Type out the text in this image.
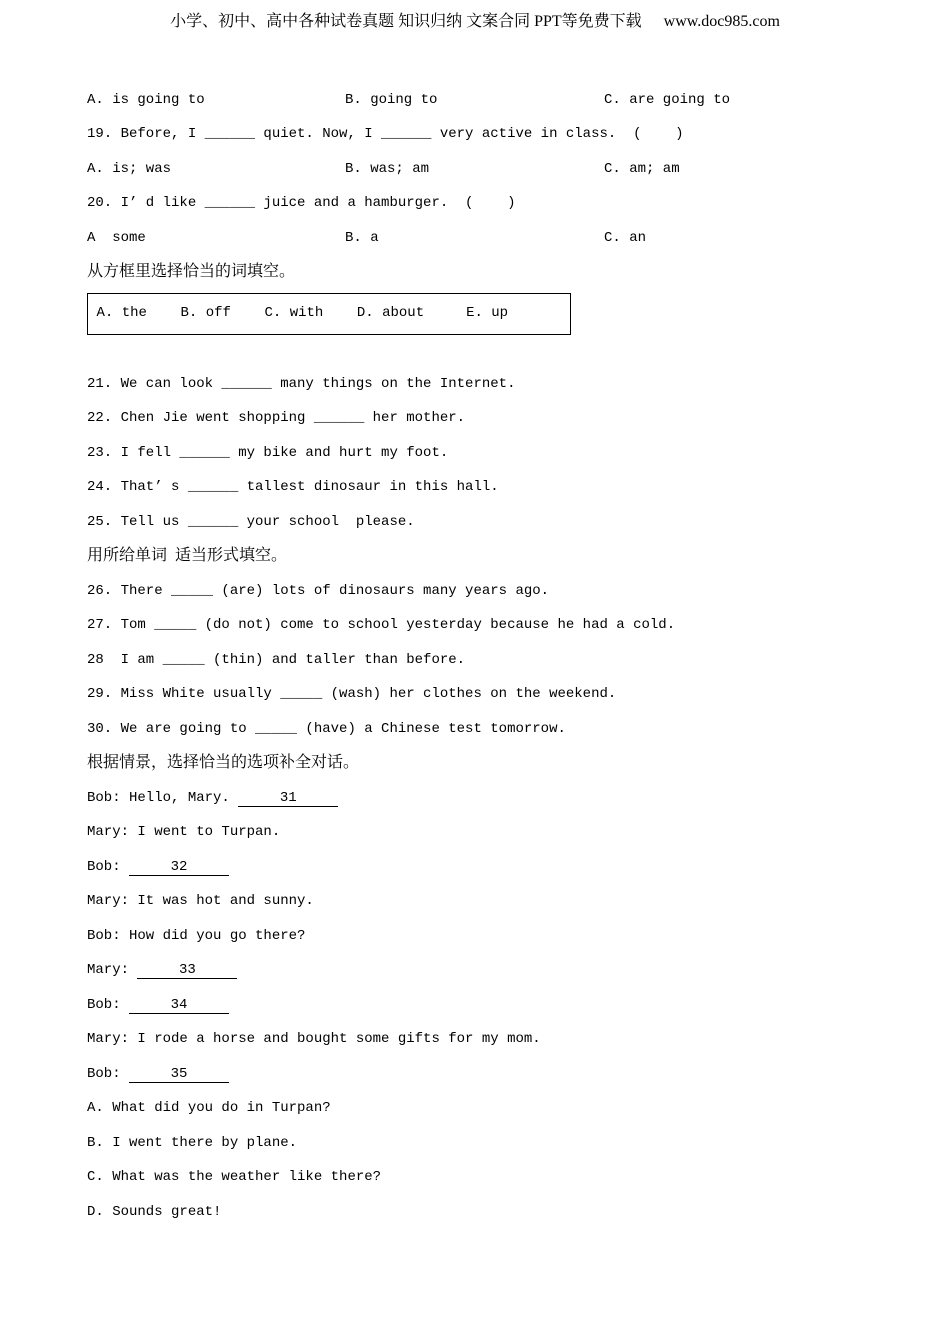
小学、初中、高中各种试卷真题 知识归纳 文案合同 PPT等免费下载 www.doc985.com
A. is going to	B. going to	C. are going to
19. Before, I ______ quiet. Now, I ______ very active in class.  (    )
A. is; was	B. was; am	C. am; am
20. I’ d like ______ juice and a hamburger.  (    )
A  some	B. a	C. an
从方框里选择恰当的词填空。
A. the	B. off	C. with	D. about	E. up
21. We can look ______ many things on the Internet.
22. Chen Jie went shopping ______ her mother.
23. I fell ______ my bike and hurt my foot.
24. That’ s ______ tallest dinosaur in this hall.
25. Tell us ______ your school  please.
用所给单词  适当形式填空。
26. There _____ (are) lots of dinosaurs many years ago.
27. Tom _____ (do not) come to school yesterday because he had a cold.
28  I am _____ (thin) and taller than before.
29. Miss White usually _____ (wash) her clothes on the weekend.
30. We are going to _____ (have) a Chinese test tomorrow.
根据情景，选择恰当的选项补全对话。
Bob: Hello, Mary.	31
Mary: I went to Turpan.
Bob:	32
Mary: It was hot and sunny.
Bob: How did you go there?
Mary:	33
Bob:	34
Mary: I rode a horse and bought some gifts for my mom.
Bob:	35
A. What did you do in Turpan?
B. I went there by plane.
C. What was the weather like there?
D. Sounds great!
